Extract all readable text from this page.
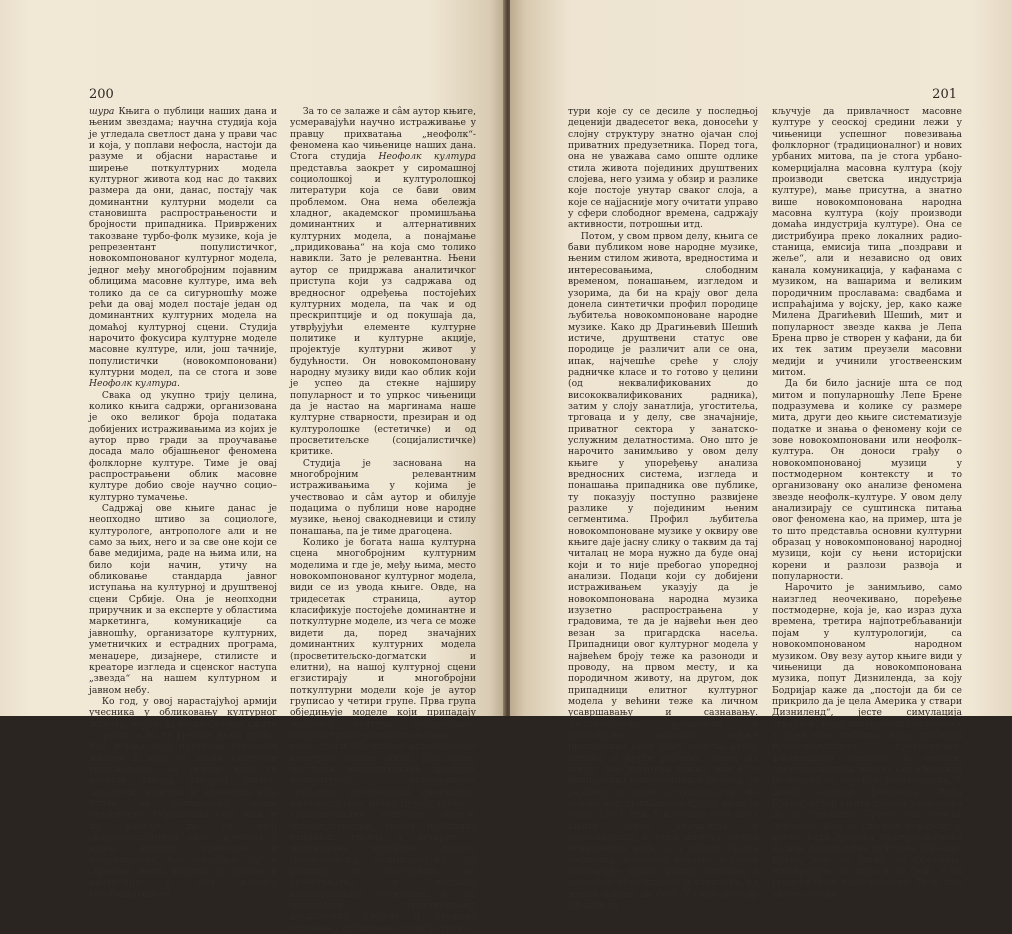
200

шура Књига о публици наших дана и њеним звездама; научна студија која је угледала светлост дана у прави час и која, у поплави нефосла, настоји да разуме и објасни нарастање и ширење поткултурних модела културног живота код нас до таквих размера да они, данас, постају чак доминантни културни модели са становишта распрострањености и бројности припадника. Привржeних такозване турбо-фолк музике, која је репрезентант популистичког, новокомпонованог културног модела, једног међу многобројним појавним облицима масовне културе, има већ толико да се са сигурношћу може рећи да овај модел постаје један од доминантних културних модела на домаћој културној сцени. Студија нарочито фокусира културне моделе масовне културе, или, још тачније, популистички (новокомпоновани) културни модел, па се стога и зове Неофолк култура.

Свака од укупно трију целина, колико књига садржи, организована је око великог броја података добијених истраживањима из којих је аутор прво гради за проучавање досада мало објашњеног феномена фолклорне културе. Тиме је овај распрострањени облик масовне културе добио своје научно социо–културно тумачење.

Садржај ове књиге данас је неопходно штиво за социологе, културологе, антропологе али и не само за њих, него и за све оне који се баве медијима, раде на њима или, на било који начин, утичу на обликовање стандарда јавног иступања на културној и друштвеној сцени Србије. Она је неопходни приручник и за експерте у областима маркетинга, комуникације са јавношћу, организаторе културних, уметничких и естрадних програма, менаџере, дизајнере, стилисте и креаторе изгледа и сценског наступа „звезда“ на нашем културном и јавном небу.

Ко год, у овој нарастајућој армији учесника у обликовању културног живота, верује да може без ове књиге – грeши, а на ту грешку нема право. Као појава која претходи стварном животу и која се може сматрати симулацијом, на основу које се касније ствара стварни живот, „неофолк“ култура је чињеница која утиче на обликовање наше стварности. Објашњења свих њих је да настоје да се овај „карактеристични знак“ времена у којем живимо препозна и непристрасно, без залагања „за“ и „против“ њега, покуша да разуме и анализира у свој његовој свеобухватности.

За то се залаже и сâм аутор књиге, усмеравајући научно истраживање у правцу прихватања „неофолк“-феномена као чињенице наших дана. Стога студија Неофолк култура представља заокрет у сиромашној социолошкој и културолошкој литератури која се бави овим проблемом. Она нема обележја хладног, академског промишљања доминантних и алтернативних културних модела, а понајмање „придиковања“ на која смо толико навикли. Зато је релевантна. Њени аутор се придржава аналитичког приступа који уз садржава од вредносног одређења постојећих културних модела, па чак и од прескриптције и од покушаја да, утврђујући елементе културне политике и културне акције, пројектује културни живот у будућности. Он новокомпоновану народну музику види као облик који је успео да стекне најширу популарност и то упркос чињеници да је настао на маргинама наше културне стварности, презиран и од културолошке (естетичке) и од просветитељске (социјалистичке) критике.

Студија је заснована на многобројним релевантним истраживањима у којима је учествовао и сâм аутор и обилује подацима о публици нове народне музике, њеној свакодневици и стилу понашања, па је тиме драгоцена.

Колико је богата наша културна сцена многобројним културним моделима и где је, међу њима, место новокомпонованог културног модела, види се из увода књиге. Овде, на тридесетак страница, аутор класификује постојеће доминантне и поткултурне моделе, из чега се може видети да, поред значајних доминантних културних модела (просветитељско-догматски и елитни), на нашој културној сцени егзистирају и многобројни поткултурни модели које је аутор груписао у четири групе. Прва група обједињује моделе који припадају масовној култури (стандардни, популистички-новокомпоновани, рок), други обједињује алтернативне културне моделе (хипи, рок, панк, постпанк, интелектуалне „помодне поткултуре“, алтернативне групације, дисидентска уметничко-интелектуална поткултура), трећи – традиционалне културне моделе (пољопривредни, модел појединих етничких група) а четврти – маргиналне културне моделе (наркоманска, делинквентска). За разлику од постојећих, ова свеобухватна и исцрпна класификација заснована је на прецизном структурирању друштвених слојева и уважава промене у друштвено-слојној струк-

201

тури које су се десиле у последњој деценији двадесетог века, доносећи у слојну структуру знатно ојачан слој приватних предузетника. Поред тога, она не уважава само опште одлике стила живота појединих друштвених слојева, него узима у обзир и разлике које постоје унутар сваког слоја, а које се најјасније могу очитати управо у сфери слободног времена, садржају активности, потрошњи итд.

Потом, у свом првом делу, књига се бави публиком нове народне музике, њеним стилом живота, вредностима и интересовањима, слободним временом, понашањем, изгледом и узорима, да би на крају овог дела донела синтетички профил породице љубитеља новокомпоноване народне музике. Како др Драгињевић Шешић истиче, друштвени статус ове породице је различит али се она, ипак, најчешће среће у слоју радничке класе и то готово у целини (од неквалификованих до висококвалификованих радника), затим у слоју занатлија, угоститеља, трговаца и у делу, све значајније, приватног сектора у занатско-услужним делатностима. Оно што је нарочито занимљиво у овом делу књиге у упоређењу анализа вредносних система, изгледа и понашања припадника ове публике, ту показују поступно развијене разлике у појединим њеним сегментима. Профил љубитеља новокомпоноване музике у оквиру ове књиге даје јасну слику о таквим да тај читалац не мора нужно да буде онај који и то није пребогао упоредној анализи. Подаци који су добијени истраживањем указују да је новокомпонована народна музика изузетно распрострањена у градовима, те да је највећи њен део везан за пригардска насеља. Припадници овог културног модела у највећем броју теже ка разоноди и проводу, на првом месту, и ка породичном животу, на другом, док припадници елитног културног модела у већини теже ка личном усавршавању и сазнавању. Анализирајући вредности и друговрсне животне тежње припадника ових двају модела, аутор запажа и друге разлике: успех на послу, као животна тежња чак 45% припадника популистичког модела, за разлику од мале заступљености ове тежње код припадника другог модела (само 15%), итд. У наставку овог дела књиге аутор анализира и свакодневицу и стил живота својих испитаника, који се, у односу према медијима, доносећи податке о улози телевизије, видеа, радија, штампе, а нарочито рото-штампе и стрипова, на живот младих на селу. У овом делу др Шешић за-

кључује да привлачност масовне културе у сеоској средини лежи у чињеници успешног повезивања фолклорног (традиционалног) и нових урбаних митова, па је стога урбано-комерцијална масовна култура (коју производи светска индустрија културе), мање присутна, а знатно више новокомпонована народна масовна култура (коју производи домаћа индустрија културе). Она се дистрибуира преко локалних радио-станица, емисија типа „поздрави и жеље“, али и независно од ових канала комуникација, у кафанама с музиком, на вашарима и великим породичним прославама: свадбама и испраћајима у војску, јер, како каже Милена Драгићевић Шешић, мит и популарност звезде каква је Лепа Брена прво је створен у кафани, да би их тек затим преузели масовни медији и учинили угоствеенским митом.

Да би било јасније шта се под митом и популарношћу Лепе Брене подразумева и колике су размере мита, други део књиге систематизује податке и знања о феномену који се зове новокомпоновани или неофолк–култура. Он доноси грађу о новокомпонованој музици у постмодерном контексту и то организовану око анализе феномена звезде неофолк–културе. У овом делу анализирају се суштинска питања овог феномена као, на пример, шта је то што представља основни културни образац у новокомпонованој народној музици, који су њени историјски корени и разлози развоја и популарности.

Нарочито је занимљиво, само наизглед неочекивано, поређење постмодерне, која је, као израз духа времена, третира најпотребљаванији појам у културологији, са новокомпонованом народном музиком. Ову везу аутор књиге види у чињеници да новокомпонована музика, попут Дизниленда, за коју Бодријар каже да „постоји да би се прикрило да је цела Америка у ствари Дизниленд“, јесте симулација стварног, нова хиперреална стварност у којој увек публика, којој одговара препознатљивост, претеривање, фасцинација сликама и стилом, одсуство новума, што су све елементи по којима се одређује постмодерна. У даљој анализи феномена „Лепа Брена“ аутор књиге доноси уверавања да је лепотица Брена лик сеоске лепотице која је створен у народу у време када градска култура почиње да даје доминантне културне обрасце. Брена, име од мила, од Обренија, истовремено асоцира и на село, и на градску бреновану фризуру. То је име за све сеоске
